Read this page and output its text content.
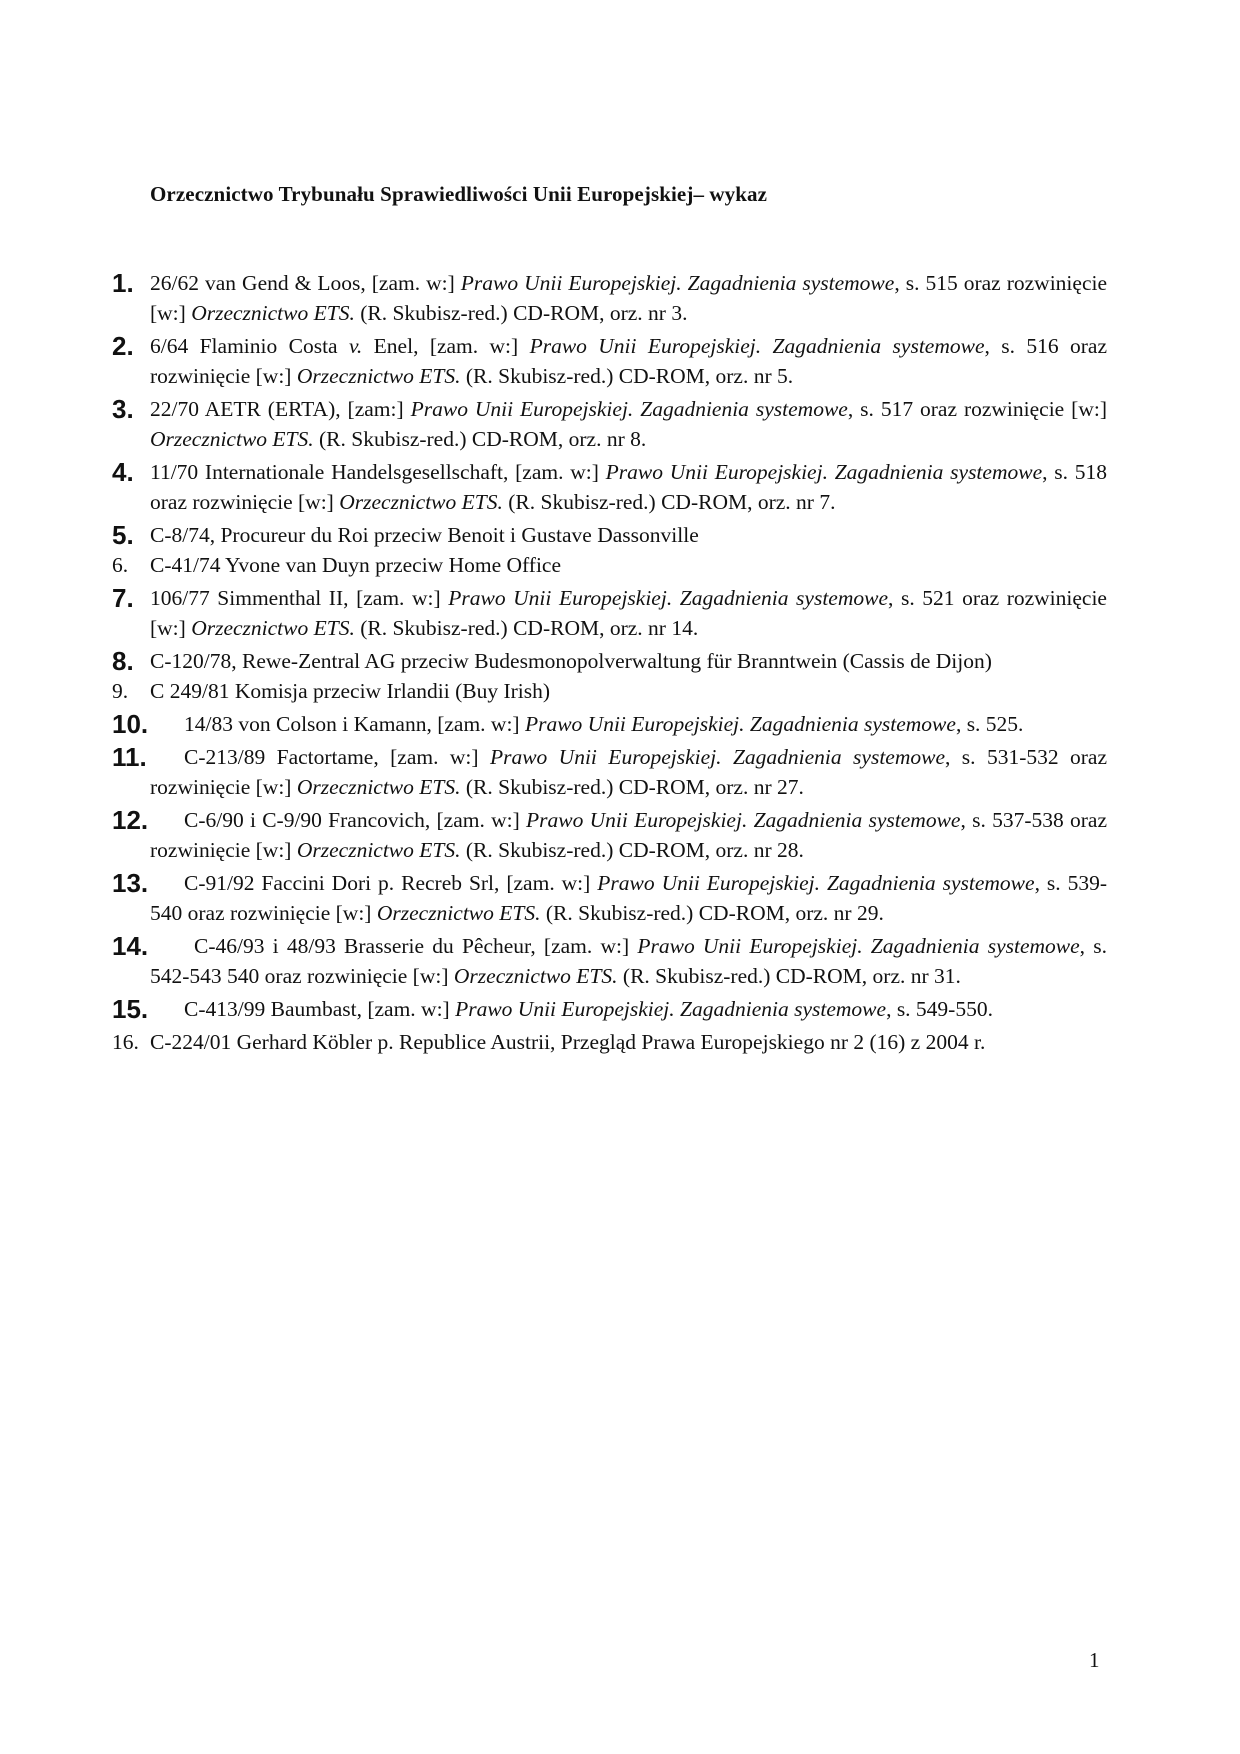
Orzecznictwo Trybunału Sprawiedliwości Unii Europejskiej– wykaz
1. 26/62 van Gend & Loos, [zam. w:] Prawo Unii Europejskiej. Zagadnienia systemowe, s. 515 oraz rozwinięcie [w:] Orzecznictwo ETS. (R. Skubisz-red.) CD-ROM, orz. nr 3.
2. 6/64 Flaminio Costa v. Enel, [zam. w:] Prawo Unii Europejskiej. Zagadnienia systemowe, s. 516 oraz rozwinięcie [w:] Orzecznictwo ETS. (R. Skubisz-red.) CD-ROM, orz. nr 5.
3. 22/70 AETR (ERTA), [zam:] Prawo Unii Europejskiej. Zagadnienia systemowe, s. 517 oraz rozwinięcie [w:] Orzecznictwo ETS. (R. Skubisz-red.) CD-ROM, orz. nr 8.
4. 11/70 Internationale Handelsgesellschaft, [zam. w:] Prawo Unii Europejskiej. Zagadnienia systemowe, s. 518 oraz rozwinięcie [w:] Orzecznictwo ETS. (R. Skubisz-red.) CD-ROM, orz. nr 7.
5. C-8/74, Procureur du Roi przeciw Benoit i Gustave Dassonville
6. C-41/74 Yvone van Duyn przeciw Home Office
7. 106/77 Simmenthal II, [zam. w:] Prawo Unii Europejskiej. Zagadnienia systemowe, s. 521 oraz rozwinięcie [w:] Orzecznictwo ETS. (R. Skubisz-red.) CD-ROM, orz. nr 14.
8. C-120/78, Rewe-Zentral AG przeciw Budesmonopolverwaltung für Branntwein (Cassis de Dijon)
9. C 249/81 Komisja przeciw Irlandii (Buy Irish)
10. 14/83 von Colson i Kamann, [zam. w:] Prawo Unii Europejskiej. Zagadnienia systemowe, s. 525.
11. C-213/89 Factortame, [zam. w:] Prawo Unii Europejskiej. Zagadnienia systemowe, s. 531-532 oraz rozwinięcie [w:] Orzecznictwo ETS. (R. Skubisz-red.) CD-ROM, orz. nr 27.
12. C-6/90 i C-9/90 Francovich, [zam. w:] Prawo Unii Europejskiej. Zagadnienia systemowe, s. 537-538 oraz rozwinięcie [w:] Orzecznictwo ETS. (R. Skubisz-red.) CD-ROM, orz. nr 28.
13. C-91/92 Faccini Dori p. Recreb Srl, [zam. w:] Prawo Unii Europejskiej. Zagadnienia systemowe, s. 539-540 oraz rozwinięcie [w:] Orzecznictwo ETS. (R. Skubisz-red.) CD-ROM, orz. nr 29.
14. C-46/93 i 48/93 Brasserie du Pêcheur, [zam. w:] Prawo Unii Europejskiej. Zagadnienia systemowe, s. 542-543 540 oraz rozwinięcie [w:] Orzecznictwo ETS. (R. Skubisz-red.) CD-ROM, orz. nr 31.
15. C-413/99 Baumbast, [zam. w:] Prawo Unii Europejskiej. Zagadnienia systemowe, s. 549-550.
16. C-224/01 Gerhard Köbler p. Republice Austrii, Przegląd Prawa Europejskiego nr 2 (16) z 2004 r.
1
